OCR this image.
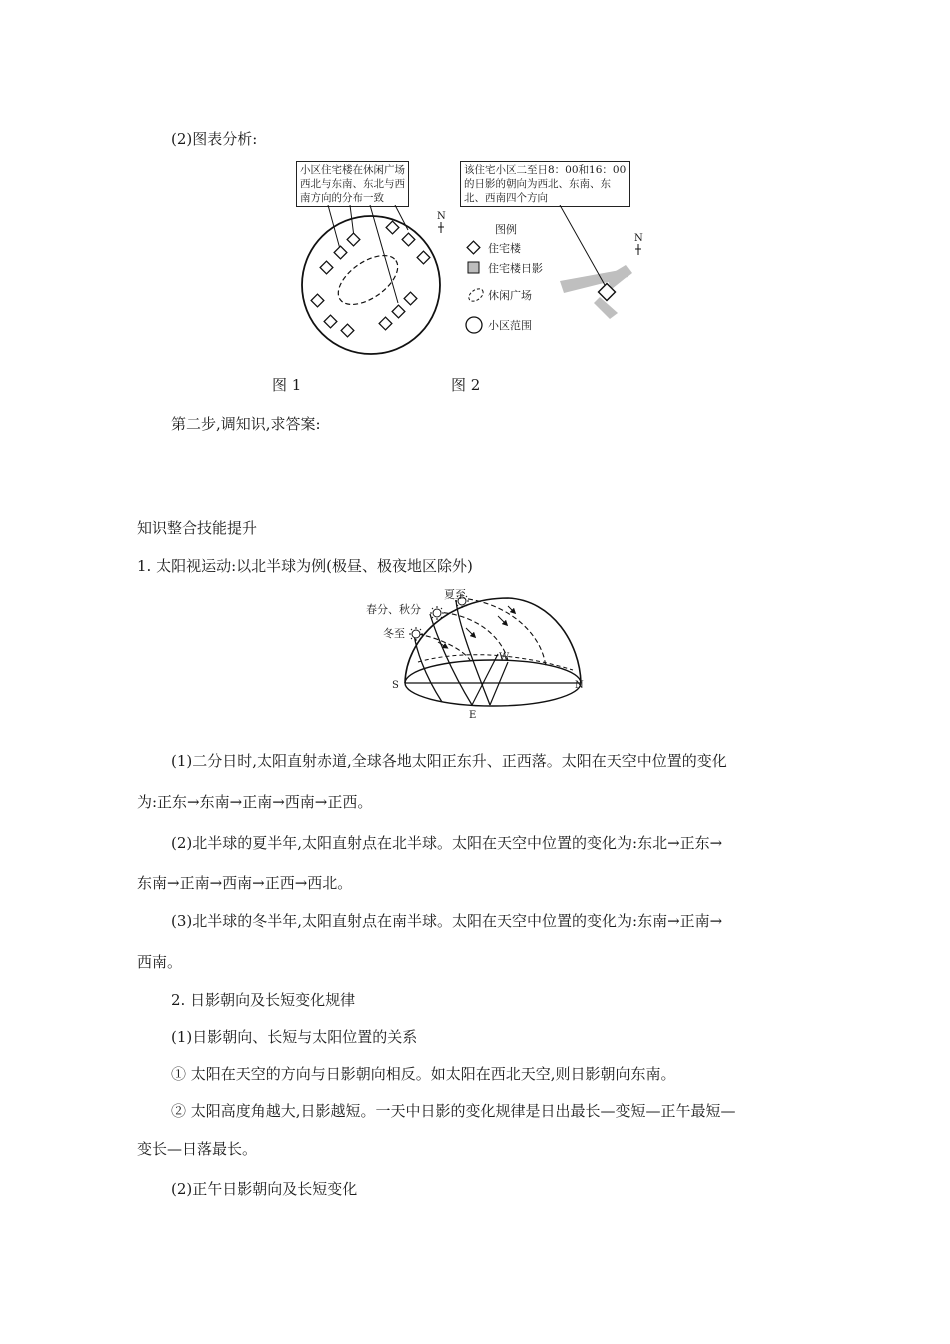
(2)图表分析:
小区住宅楼在休闲广场
西北与东南、东北与西
南方向的分布一致
N
该住宅小区二至日8：00和16：00
的日影的朝向为西北、东南、东
北、西南四个方向
图例
住宅楼
住宅楼日影
休闲广场
小区范围
N
图 1	图 2
第二步,调知识,求答案:
知识整合技能提升
1. 太阳视运动:以北半球为例(极昼、极夜地区除外)
夏至
春分、秋分
冬至
W
S	N
E
(1)二分日时,太阳直射赤道,全球各地太阳正东升、正西落。太阳在天空中位置的变化
为:正东→东南→正南→西南→正西。
(2)北半球的夏半年,太阳直射点在北半球。太阳在天空中位置的变化为:东北→正东→
东南→正南→西南→正西→西北。
(3)北半球的冬半年,太阳直射点在南半球。太阳在天空中位置的变化为:东南→正南→
西南。
2. 日影朝向及长短变化规律
(1)日影朝向、长短与太阳位置的关系
① 太阳在天空的方向与日影朝向相反。如太阳在西北天空,则日影朝向东南。
② 太阳高度角越大,日影越短。一天中日影的变化规律是日出最长—变短—正午最短—
变长—日落最长。
(2)正午日影朝向及长短变化
